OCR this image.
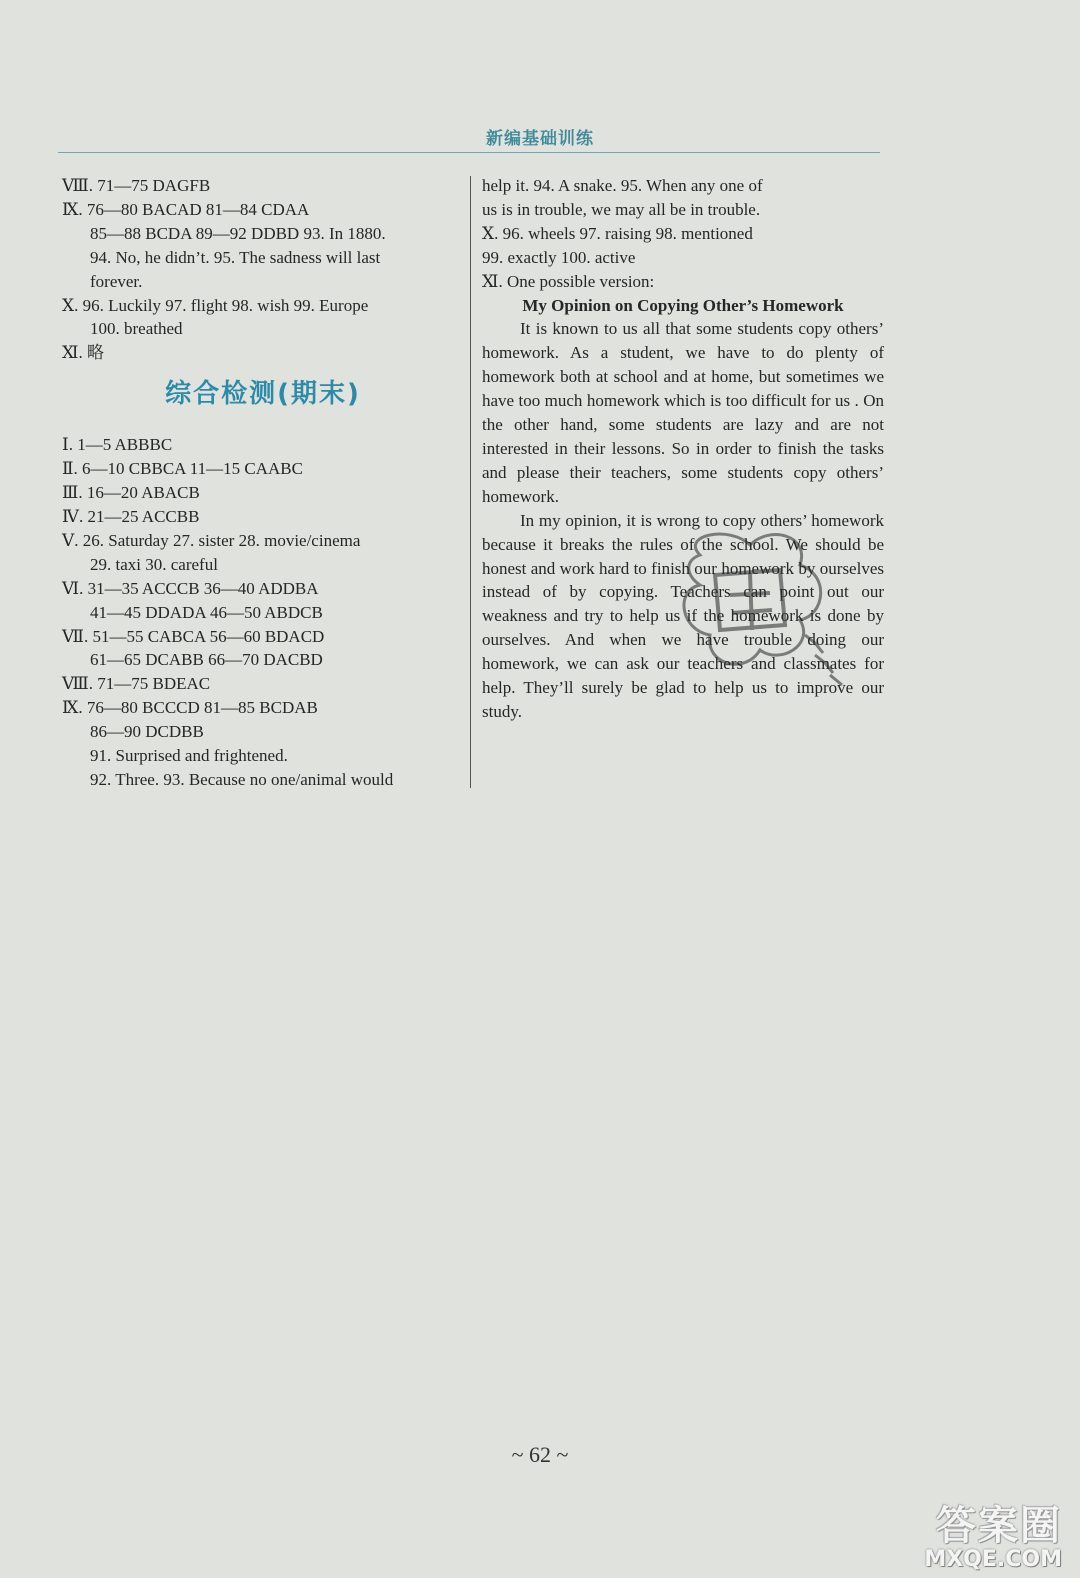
新编基础训练
Ⅷ. 71—75 DAGFB
Ⅸ. 76—80 BACAD 81—84 CDAA
85—88 BCDA 89—92 DDBD 93. In 1880.
94. No, he didn’t. 95. The sadness will last
forever.
Ⅹ. 96. Luckily 97. flight 98. wish 99. Europe
100. breathed
Ⅺ. 略
综合检测(期末)
Ⅰ. 1—5 ABBBC
Ⅱ. 6—10 CBBCA 11—15 CAABC
Ⅲ. 16—20 ABACB
Ⅳ. 21—25 ACCBB
Ⅴ. 26. Saturday 27. sister 28. movie/cinema
29. taxi 30. careful
Ⅵ. 31—35 ACCCB 36—40 ADDBA
41—45 DDADA 46—50 ABDCB
Ⅶ. 51—55 CABCA 56—60 BDACD
61—65 DCABB 66—70 DACBD
Ⅷ. 71—75 BDEAC
Ⅸ. 76—80 BCCCD 81—85 BCDAB
86—90 DCDBB
91. Surprised and frightened.
92. Three. 93. Because no one/animal would
help it. 94. A snake. 95. When any one of
us is in trouble, we may all be in trouble.
Ⅹ. 96. wheels 97. raising 98. mentioned
99. exactly 100. active
Ⅺ. One possible version:
My Opinion on Copying Other’s Homework
It is known to us all that some students copy others’ homework. As a student, we have to do plenty of homework both at school and at home, but sometimes we have too much homework which is too difficult for us . On the other hand, some students are lazy and are not interested in their lessons. So in order to finish the tasks and please their teachers, some students copy others’ homework.
In my opinion, it is wrong to copy others’ homework because it breaks the rules of the school. We should be honest and work hard to finish our homework by ourselves instead of by copying. Teachers can point out our weakness and try to help us if the homework is done by ourselves. And when we have trouble doing our homework, we can ask our teachers and classmates for help. They’ll surely be glad to help us to improve our study.
~ 62 ~
答案圈
MXQE.COM
